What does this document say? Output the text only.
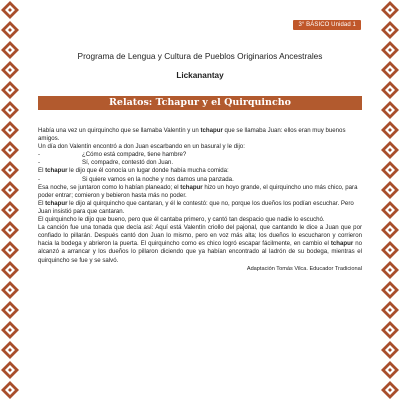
3° BÁSICO Unidad 1
Programa de Lengua y Cultura de Pueblos Originarios Ancestrales
Lickanantay
Relatos: Tchapur y el Quirquincho

Había una vez un quirquincho que se llamaba Valentín y un tchapur que se llamaba Juan: ellos eran muy buenos amigos.

Un día don Valentín encontró a don Juan escarbando en un basural y le dijo:

-	¿Cómo está compadre, tiene hambre?

-	Sí, compadre, contestó don Juan.

El tchapur le dijo que él conocía un lugar donde había mucha comida:

-	Si quiere vamos en la noche y nos damos una panzada.

Esa noche, se juntaron como lo habían planeado; el tchapur hizo un hoyo grande, el quirquincho uno más chico, para poder entrar; comieron y bebieron hasta más no poder.

El tchapur le dijo al quirquincho que cantaran, y él le contestó: que no, porque los dueños los podían escuchar. Pero Juan insistió para que cantaran.

El quirquincho le dijo que bueno, pero que él cantaba primero, y cantó tan despacio que nadie lo escuchó.

La canción fue una tonada que decía así: Aquí está Valentín criollo del pajonal, que cantando le dice a Juan que por confiado lo pillarán. Después cantó don Juan lo mismo, pero en voz más alta; los dueños lo escucharon y corrieron hacia la bodega y abrieron la puerta. El quirquincho como es chico logró escapar fácilmente, en cambio el tchapur no alcanzó a arrancar y los dueños lo pillaron diciendo que ya habían encontrado al ladrón de su bodega, mientras el quirquincho se fue y se salvó.

Adaptación Tomás Vilca. Educador Tradicional
